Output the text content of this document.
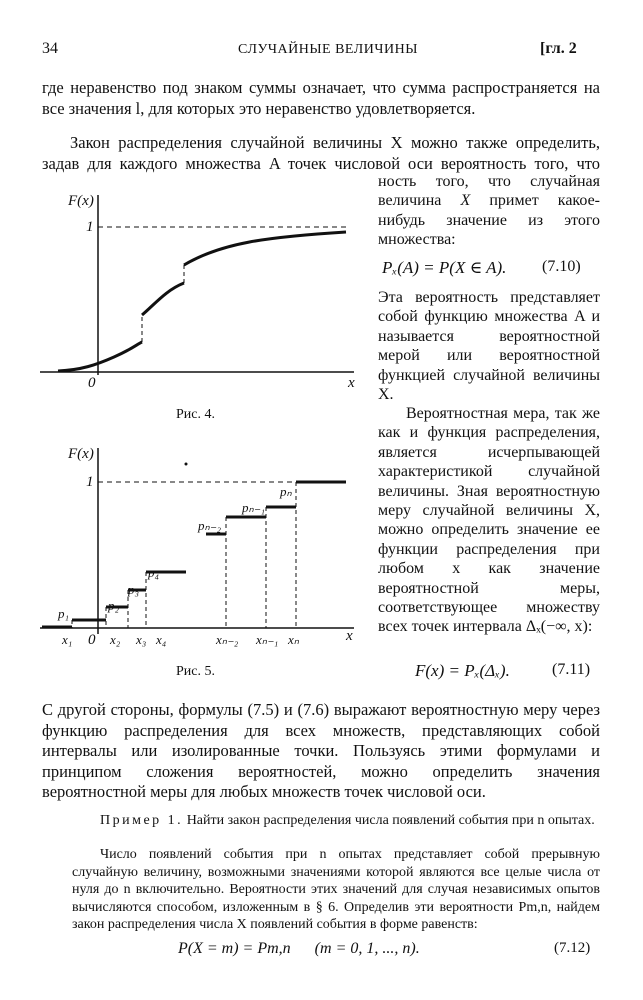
34	СЛУЧАЙНЫЕ ВЕЛИЧИНЫ	[гл. 2
где неравенство под знаком суммы означает, что сумма распространяется на все значения l, для которых это неравенство удовлетворяется.
Закон распределения случайной величины X можно также определить, задав для каждого множества A точек числовой оси вероятность того, что
ность того, что случайная величина X примет какое-нибудь значение из этого множества:
Pₓ(A) = P(X ∈ A). (7.10)
Эта вероятность представляет собой функцию множества A и называется вероятностной мерой или вероятностной функцией случайной величины X.
Вероятностная мера, так же как и функция распределения, является исчерпывающей характеристикой случайной величины. Зная вероятностную меру случайной величины X, можно определить значение ее функции распределения при любом x как значение вероятностной меры, соответствующее множеству всех точек интервала Δₓ(−∞, x):
F(x) = Pₓ(Δₓ).	(7.11)
F(x)
1
0	x
Рис. 4.
F(x)
1
0	x
x₁	x₂ x₃ x₄	xₙ₋₂ xₙ₋₁ xₙ
p₁
p₂
p₃
p₄
pₙ₋₂
pₙ₋₁
pₙ
Рис. 5.
С другой стороны, формулы (7.5) и (7.6) выражают вероятностную меру через функцию распределения для всех множеств, представляющих собой интервалы или изолированные точки. Пользуясь этими формулами и принципом сложения вероятностей, можно определить значения вероятностной меры для любых множеств точек числовой оси.
Пример 1. Найти закон распределения числа появлений события при n опытах.
Число появлений события при n опытах представляет собой прерывную случайную величину, возможными значениями которой являются все целые числа от нуля до n включительно. Вероятности этих значений для случая независимых опытов вычисляются способом, изложенным в § 6. Определив эти вероятности Pm,n, найдем закон распределения числа X появлений события в форме равенств:
P(X = m) = Pm,n      (m = 0, 1, ..., n).	(7.12)
